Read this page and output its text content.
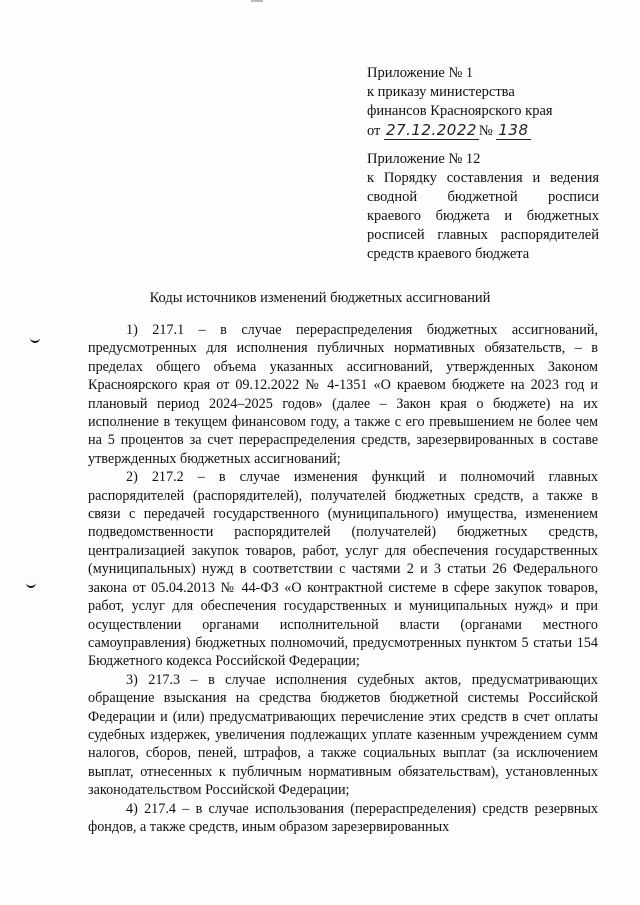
Приложение № 1
к приказу министерства
финансов Красноярского края
от 27.12.2022 № 138
Приложение № 12
к Порядку составления и ведения
сводной бюджетной росписи
краевого бюджета и бюджетных
росписей главных распорядителей
средств краевого бюджета
Коды источников изменений бюджетных ассигнований

1) 217.1 – в случае перераспределения бюджетных ассигнований, предусмотренных для исполнения публичных нормативных обязательств, – в пределах общего объема указанных ассигнований, утвержденных Законом Красноярского края от 09.12.2022 № 4-1351 «О краевом бюджете на 2023 год и плановый период 2024–2025 годов» (далее – Закон края о бюджете) на их исполнение в текущем финансовом году, а также с его превышением не более чем на 5 процентов за счет перераспределения средств, зарезервированных в составе утвержденных бюджетных ассигнований;

2) 217.2 – в случае изменения функций и полномочий главных распорядителей (распорядителей), получателей бюджетных средств, а также в связи с передачей государственного (муниципального) имущества, изменением подведомственности распорядителей (получателей) бюджетных средств, централизацией закупок товаров, работ, услуг для обеспечения государственных (муниципальных) нужд в соответствии с частями 2 и 3 статьи 26 Федерального закона от 05.04.2013 № 44-ФЗ «О контрактной системе в сфере закупок товаров, работ, услуг для обеспечения государственных и муниципальных нужд» и при осуществлении органами исполнительной власти (органами местного самоуправления) бюджетных полномочий, предусмотренных пунктом 5 статьи 154 Бюджетного кодекса Российской Федерации;

3) 217.3 – в случае исполнения судебных актов, предусматривающих обращение взыскания на средства бюджетов бюджетной системы Российской Федерации и (или) предусматривающих перечисление этих средств в счет оплаты судебных издержек, увеличения подлежащих уплате казенным учреждением сумм налогов, сборов, пеней, штрафов, а также социальных выплат (за исключением выплат, отнесенных к публичным нормативным обязательствам), установленных законодательством Российской Федерации;

4) 217.4 – в случае использования (перераспределения) средств резервных фондов, а также средств, иным образом зарезервированных
